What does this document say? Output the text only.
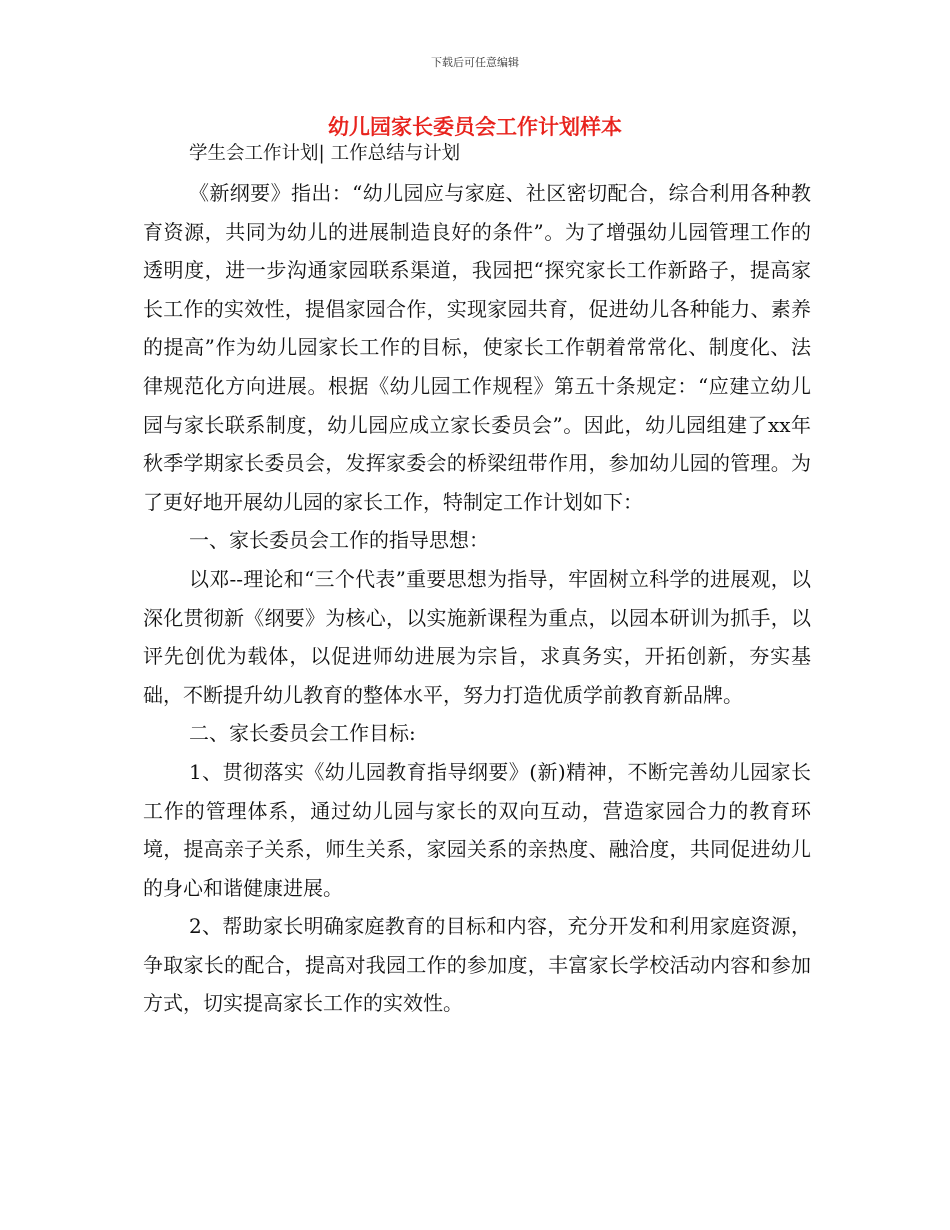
下载后可任意编辑
幼儿园家长委员会工作计划样本
学生会工作计划| 工作总结与计划

《新纲要》指出：“幼儿园应与家庭、社区密切配合，综合利用各种教育资源，共同为幼儿的进展制造良好的条件”。为了增强幼儿园管理工作的透明度，进一步沟通家园联系渠道，我园把“探究家长工作新路子，提高家长工作的实效性，提倡家园合作，实现家园共育，促进幼儿各种能力、素养的提高”作为幼儿园家长工作的目标，使家长工作朝着常常化、制度化、法律规范化方向进展。根据《幼儿园工作规程》第五十条规定：“应建立幼儿园与家长联系制度，幼儿园应成立家长委员会”。因此，幼儿园组建了xx年秋季学期家长委员会，发挥家委会的桥梁纽带作用，参加幼儿园的管理。为了更好地开展幼儿园的家长工作，特制定工作计划如下：

一、家长委员会工作的指导思想：

以邓--理论和“三个代表”重要思想为指导，牢固树立科学的进展观，以深化贯彻新《纲要》为核心，以实施新课程为重点，以园本研训为抓手，以评先创优为载体，以促进师幼进展为宗旨，求真务实，开拓创新，夯实基础，不断提升幼儿教育的整体水平，努力打造优质学前教育新品牌。

二、家长委员会工作目标:

1、贯彻落实《幼儿园教育指导纲要》(新)精神，不断完善幼儿园家长工作的管理体系，通过幼儿园与家长的双向互动，营造家园合力的教育环境，提高亲子关系，师生关系，家园关系的亲热度、融洽度，共同促进幼儿的身心和谐健康进展。

2、帮助家长明确家庭教育的目标和内容，充分开发和利用家庭资源，争取家长的配合，提高对我园工作的参加度，丰富家长学校活动内容和参加方式，切实提高家长工作的实效性。
